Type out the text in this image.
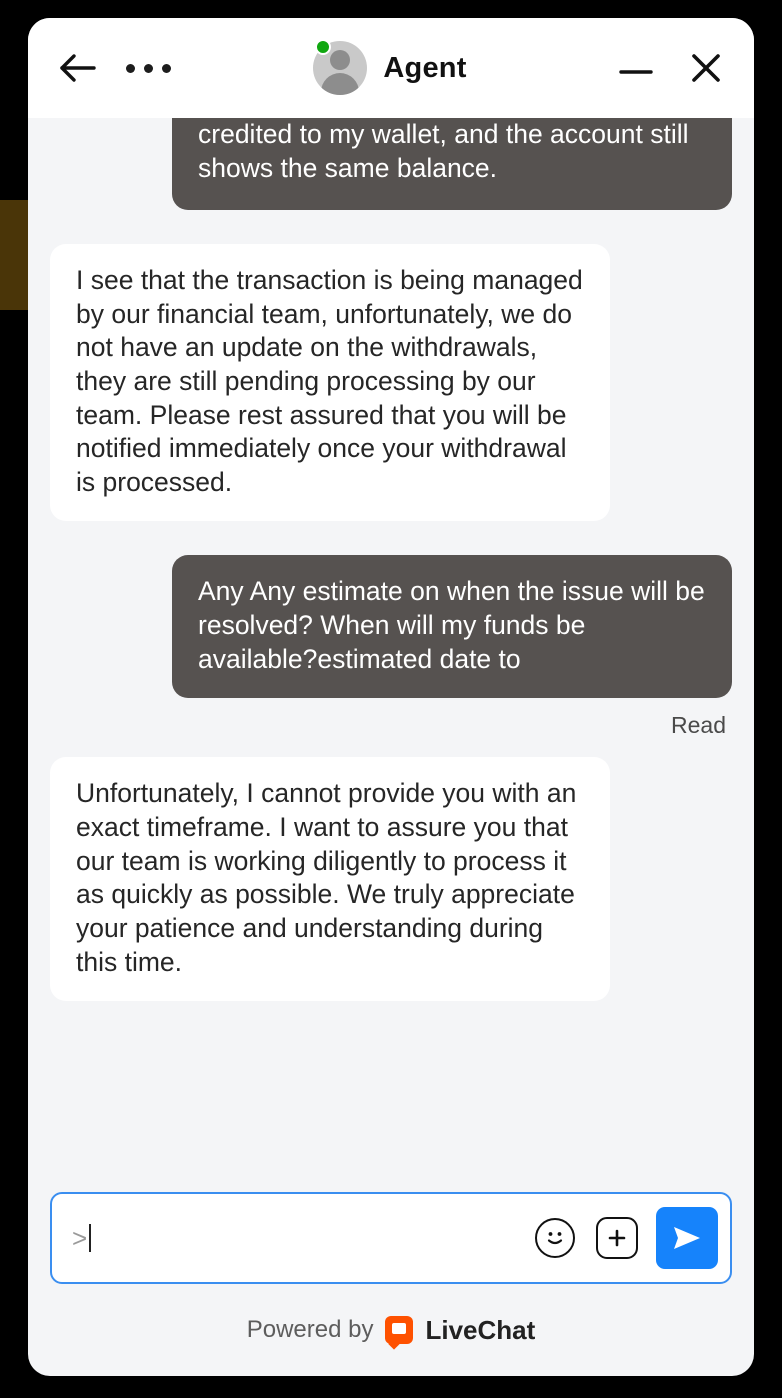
Agent
credited to my wallet, and the account still shows the same balance.
I see that the transaction is being managed by our financial team, unfortunately, we do not have an update on the withdrawals, they are still pending processing by our team. Please rest assured that you will be notified immediately once your withdrawal is processed.
Any Any estimate on when the issue will be resolved? When will my funds be available?estimated date to
Read
Unfortunately, I cannot provide you with an exact timeframe. I want to assure you that our team is working diligently to process it as quickly as possible. We truly appreciate your patience and understanding during this time.
>
Powered by LiveChat
